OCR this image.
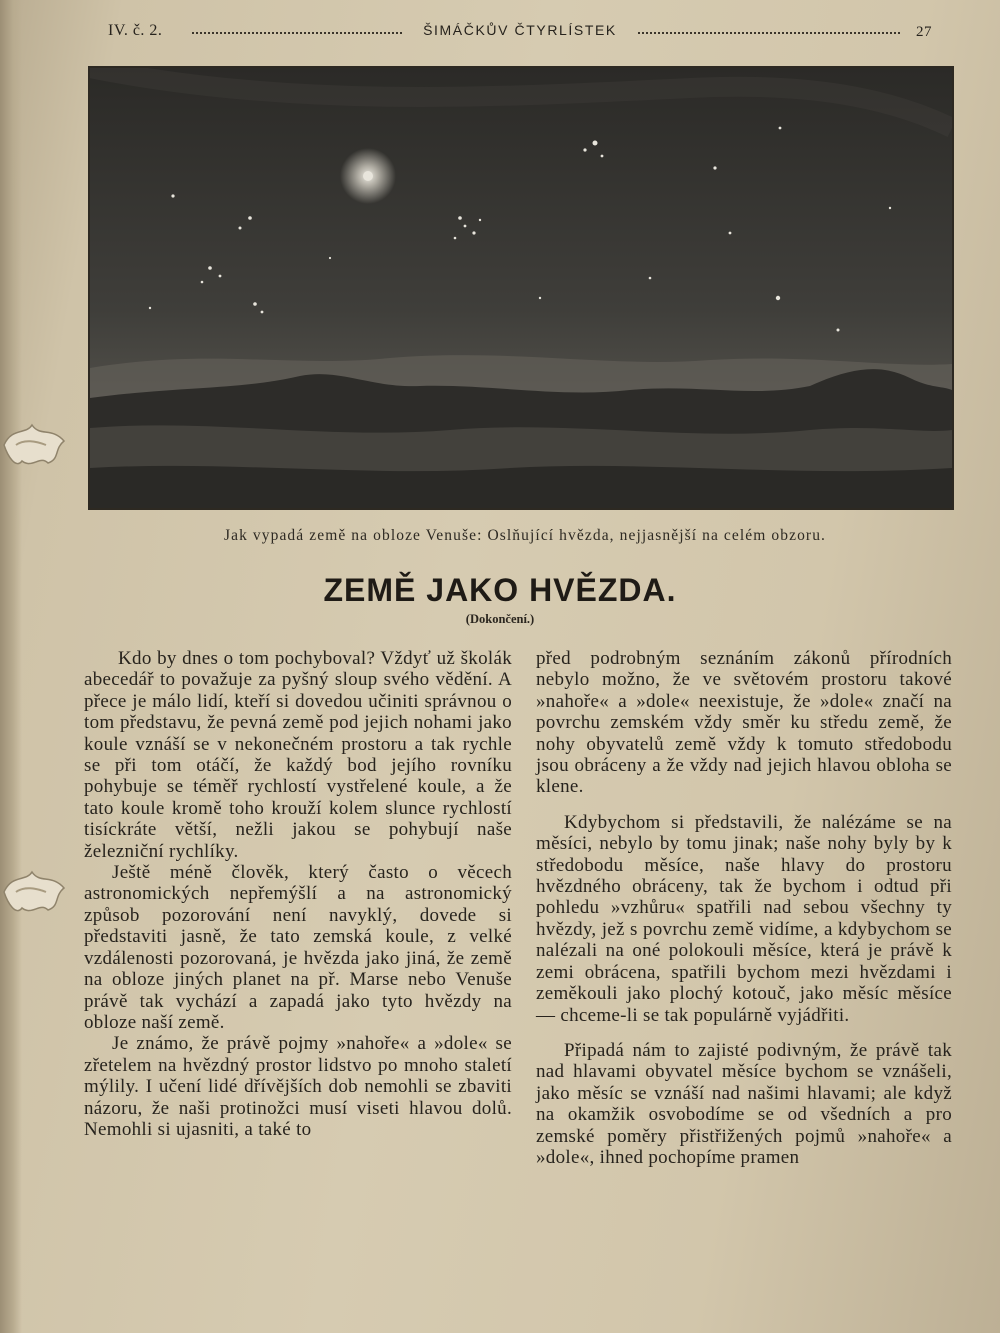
IV. č. 2.	ŠIMÁČKŮV ČTYRLÍSTEK	27
Jak vypadá země na obloze Venuše: Oslňující hvězda, nejjasnější na celém obzoru.
ZEMĚ JAKO HVĚZDA.
(Dokončení.)

Kdo by dnes o tom pochyboval? Vždyť už školák abecedář to považuje za pyšný sloup svého vědění. A přece je málo lidí, kteří si dovedou učiniti správnou o tom představu, že pevná země pod jejich nohami jako koule vznáší se v nekonečném prostoru a tak rychle se při tom otáčí, že každý bod jejího rovníku pohybuje se téměř rychlostí vystřelené koule, a že tato koule kromě toho krouží kolem slunce rychlostí tisíckráte větší, nežli jakou se pohybují naše železniční rychlíky.

Ještě méně člověk, který často o věcech astronomických nepřemýšlí a na astronomický způsob pozorování není navyklý, dovede si představiti jasně, že tato zemská koule, z velké vzdálenosti pozorovaná, je hvězda jako jiná, že země na obloze jiných planet na př. Marse nebo Venuše právě tak vychází a zapadá jako tyto hvězdy na obloze naší země.

Je známo, že právě pojmy »nahoře« a »dole« se zřetelem na hvězdný prostor lidstvo po mnoho staletí mýlily. I učení lidé dřívějších dob nemohli se zbaviti názoru, že naši protinožci musí viseti hlavou dolů. Nemohli si ujasniti, a také to

před podrobným seznáním zákonů přírodních nebylo možno, že ve světovém prostoru takové »nahoře« a »dole« neexistuje, že »dole« značí na povrchu zemském vždy směr ku středu země, že nohy obyvatelů země vždy k tomuto středobodu jsou obráceny a že vždy nad jejich hlavou obloha se klene.

Kdybychom si představili, že nalézáme se na měsíci, nebylo by tomu jinak; naše nohy byly by k středobodu měsíce, naše hlavy do prostoru hvězdného obráceny, tak že bychom i odtud při pohledu »vzhůru« spatřili nad sebou všechny ty hvězdy, jež s povrchu země vidíme, a kdybychom se nalézali na oné polokouli měsíce, která je právě k zemi obrácena, spatřili bychom mezi hvězdami i zeměkouli jako plochý kotouč, jako měsíc měsíce — chceme-li se tak populárně vyjádřiti.

Připadá nám to zajisté podivným, že právě tak nad hlavami obyvatel měsíce bychom se vznášeli, jako měsíc se vznáší nad našimi hlavami; ale když na okamžik osvobodíme se od všedních a pro zemské poměry přistřižených pojmů »nahoře« a »dole«, ihned pochopíme pramen
